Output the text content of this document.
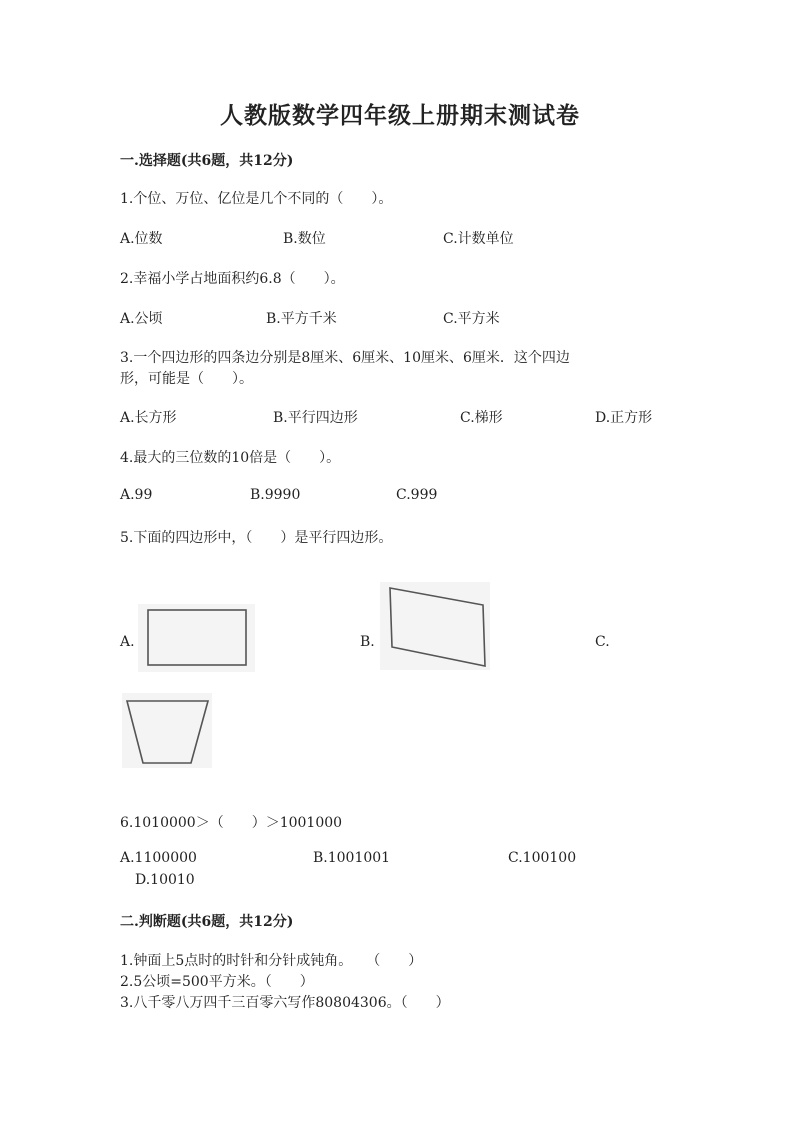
人教版数学四年级上册期末测试卷
一.选择题(共6题，共12分)
1.个位、万位、亿位是几个不同的（　　）。
A.位数	B.数位	C.计数单位
2.幸福小学占地面积约6.8（　　）。
A.公顷	B.平方千米	C.平方米
3.一个四边形的四条边分别是8厘米、6厘米、10厘米、6厘米．这个四边
形，可能是（　　）。
A.长方形	B.平行四边形	C.梯形	D.正方形
4.最大的三位数的10倍是（　　）。
A.99	B.9990	C.999
5.下面的四边形中，（　　）是平行四边形。
A.	B.	C.
6.1010000＞（　　）＞1001000
A.1100000	B.1001001	C.100100
D.10010
二.判断题(共6题，共12分)
1.钟面上5点时的时针和分针成钝角。　　（　　）
2.5公顷=500平方米。（　　）
3.八千零八万四千三百零六写作80804306。（　　）
